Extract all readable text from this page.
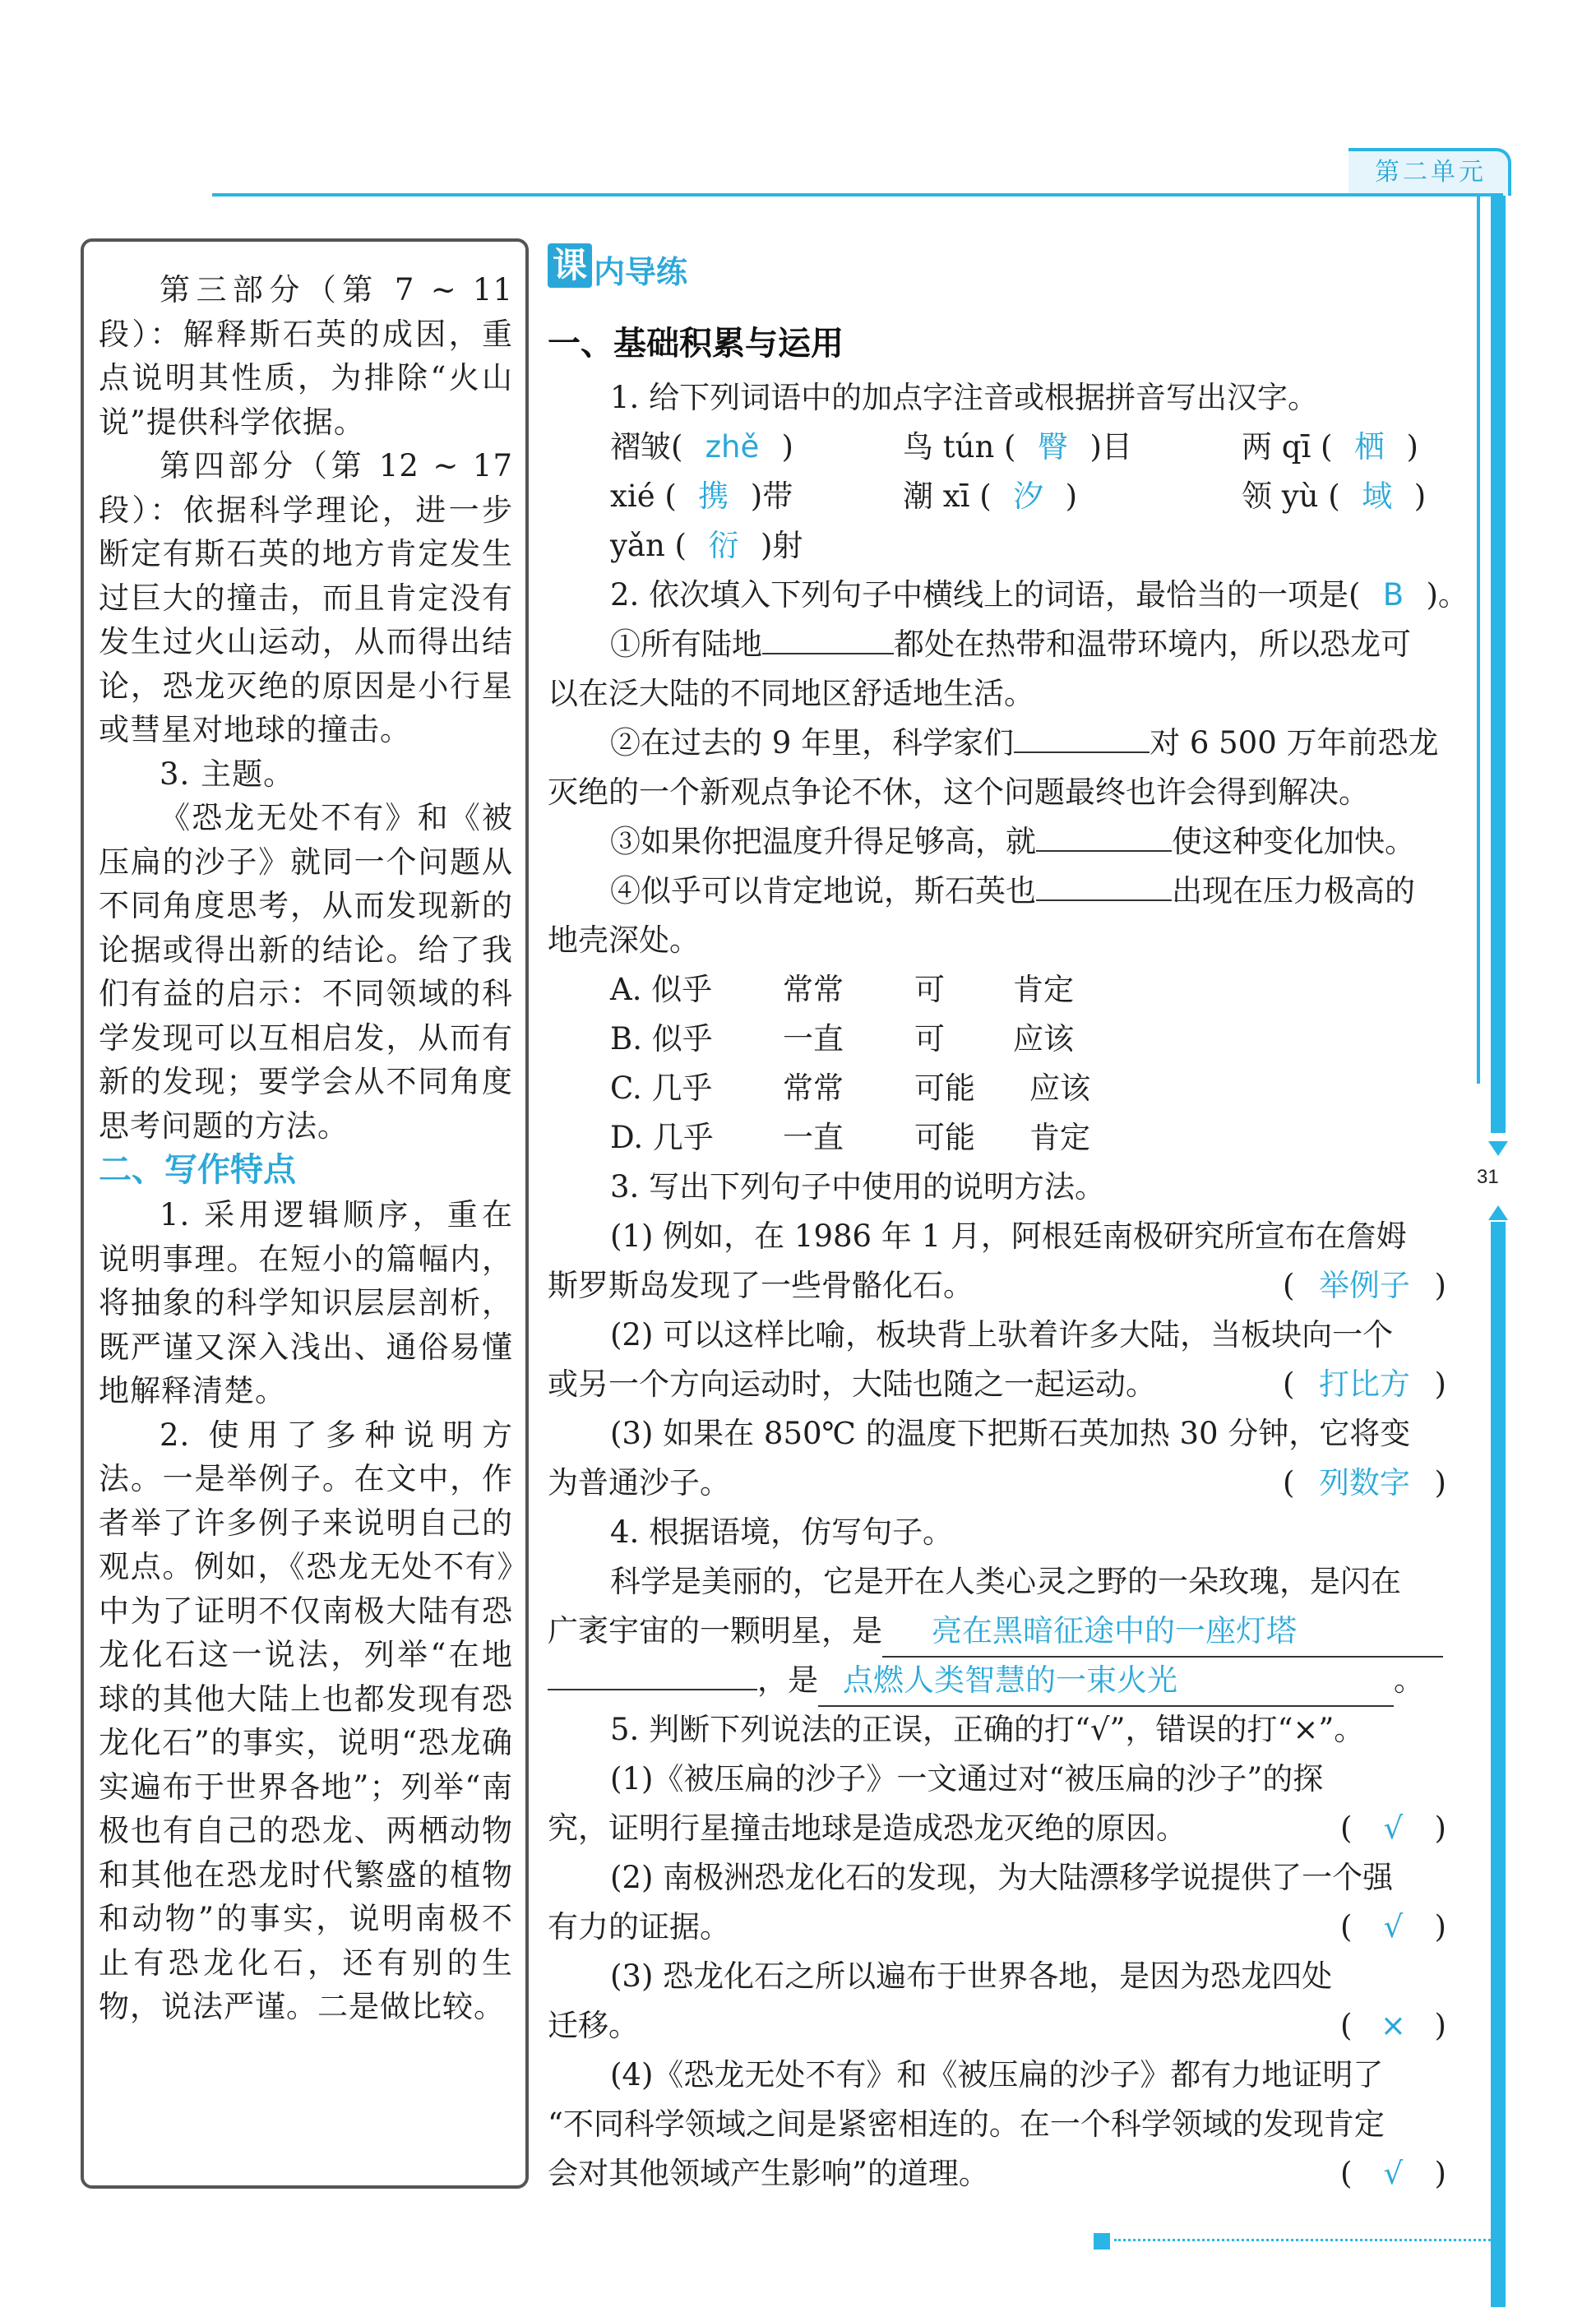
第二单元
31
第三部分（第 7 ~ 11 段）：解释斯石英的成因，重点说明其性质，为排除“火山说”提供科学依据。
第四部分（第 12 ~ 17 段）：依据科学理论，进一步断定有斯石英的地方肯定发生过巨大的撞击，而且肯定没有发生过火山运动，从而得出结论，恐龙灭绝的原因是小行星或彗星对地球的撞击。
3. 主题。
《恐龙无处不有》和《被压扁的沙子》就同一个问题从不同角度思考，从而发现新的论据或得出新的结论。给了我们有益的启示：不同领域的科学发现可以互相启发，从而有新的发现；要学会从不同角度思考问题的方法。
二、写作特点
1. 采用逻辑顺序，重在说明事理。在短小的篇幅内，将抽象的科学知识层层剖析，既严谨又深入浅出、通俗易懂地解释清楚。
2. 使用了多种说明方法。一是举例子。在文中，作者举了许多例子来说明自己的观点。例如，《恐龙无处不有》中为了证明不仅南极大陆有恐龙化石这一说法，列举“在地球的其他大陆上也都发现有恐龙化石”的事实，说明“恐龙确实遍布于世界各地”；列举“南极也有自己的恐龙、两栖动物和其他在恐龙时代繁盛的植物和动物”的事实，说明南极不止有恐龙化石，还有别的生物，说法严谨。二是做比较。
课 内导练
一、基础积累与运用
1. 给下列词语中的加点字注音或根据拼音写出汉字。
褶皱( zhě )	鸟 tún ( 臀 )目	两 qī ( 栖 )
xié ( 携 )带	潮 xī ( 汐 )	领 yù ( 域 )
yǎn ( 衍 )射
2. 依次填入下列句子中横线上的词语，最恰当的一项是( B )。
①所有陆地	都处在热带和温带环境内，所以恐龙可
以在泛大陆的不同地区舒适地生活。
②在过去的 9 年里，科学家们	对 6 500 万年前恐龙
灭绝的一个新观点争论不休，这个问题最终也许会得到解决。
③如果你把温度升得足够高，就	使这种变化加快。
④似乎可以肯定地说，斯石英也	出现在压力极高的
地壳深处。
A. 似乎 常常 可 肯定
B. 似乎 一直 可 应该
C. 几乎 常常 可能 应该
D. 几乎 一直 可能 肯定
3. 写出下列句子中使用的说明方法。
(1) 例如，在 1986 年 1 月，阿根廷南极研究所宣布在詹姆
斯罗斯岛发现了一些骨骼化石。	( 举例子 )
(2) 可以这样比喻，板块背上驮着许多大陆，当板块向一个
或另一个方向运动时，大陆也随之一起运动。	( 打比方 )
(3) 如果在 850℃ 的温度下把斯石英加热 30 分钟，它将变
为普通沙子。	( 列数字 )
4. 根据语境，仿写句子。
科学是美丽的，它是开在人类心灵之野的一朵玫瑰，是闪在
广袤宇宙的一颗明星，是 亮在黑暗征途中的一座灯塔
，是 点燃人类智慧的一束火光	。
5. 判断下列说法的正误，正确的打“√”，错误的打“×”。
(1)《被压扁的沙子》一文通过对“被压扁的沙子”的探
究，证明行星撞击地球是造成恐龙灭绝的原因。	( √ )
(2) 南极洲恐龙化石的发现，为大陆漂移学说提供了一个强
有力的证据。	( √ )
(3) 恐龙化石之所以遍布于世界各地，是因为恐龙四处
迁移。	( × )
(4)《恐龙无处不有》和《被压扁的沙子》都有力地证明了
“不同科学领域之间是紧密相连的。在一个科学领域的发现肯定
会对其他领域产生影响”的道理。	( √ )
